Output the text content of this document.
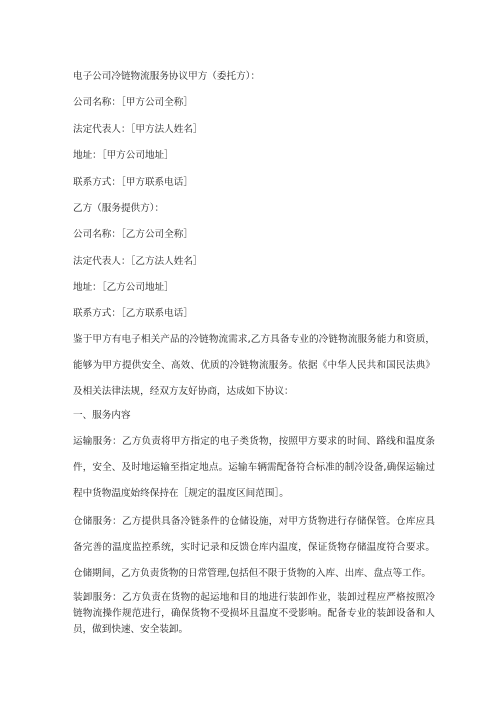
电子公司冷链物流服务协议甲方（委托方）：
公司名称：［甲方公司全称］
法定代表人：［甲方法人姓名］
地址：［甲方公司地址］
联系方式：［甲方联系电话］
乙方（服务提供方）：
公司名称：［乙方公司全称］
法定代表人：［乙方法人姓名］
地址：［乙方公司地址］
联系方式：［乙方联系电话］
鉴于甲方有电子相关产品的冷链物流需求,乙方具备专业的冷链物流服务能力和资质，能够为甲方提供安全、高效、优质的冷链物流服务。依据《中华人民共和国民法典》及相关法律法规，经双方友好协商，达成如下协议：
一、服务内容
运输服务：乙方负责将甲方指定的电子类货物，按照甲方要求的时间、路线和温度条件，安全、及时地运输至指定地点。运输车辆需配备符合标准的制冷设备,确保运输过程中货物温度始终保持在［规定的温度区间范围］。
仓储服务：乙方提供具备冷链条件的仓储设施，对甲方货物进行存储保管。仓库应具备完善的温度监控系统，实时记录和反馈仓库内温度，保证货物存储温度符合要求。仓储期间，乙方负责货物的日常管理,包括但不限于货物的入库、出库、盘点等工作。
装卸服务：乙方负责在货物的起运地和目的地进行装卸作业，装卸过程应严格按照冷链物流操作规范进行，确保货物不受损坏且温度不受影响。配备专业的装卸设备和人员，做到快速、安全装卸。
